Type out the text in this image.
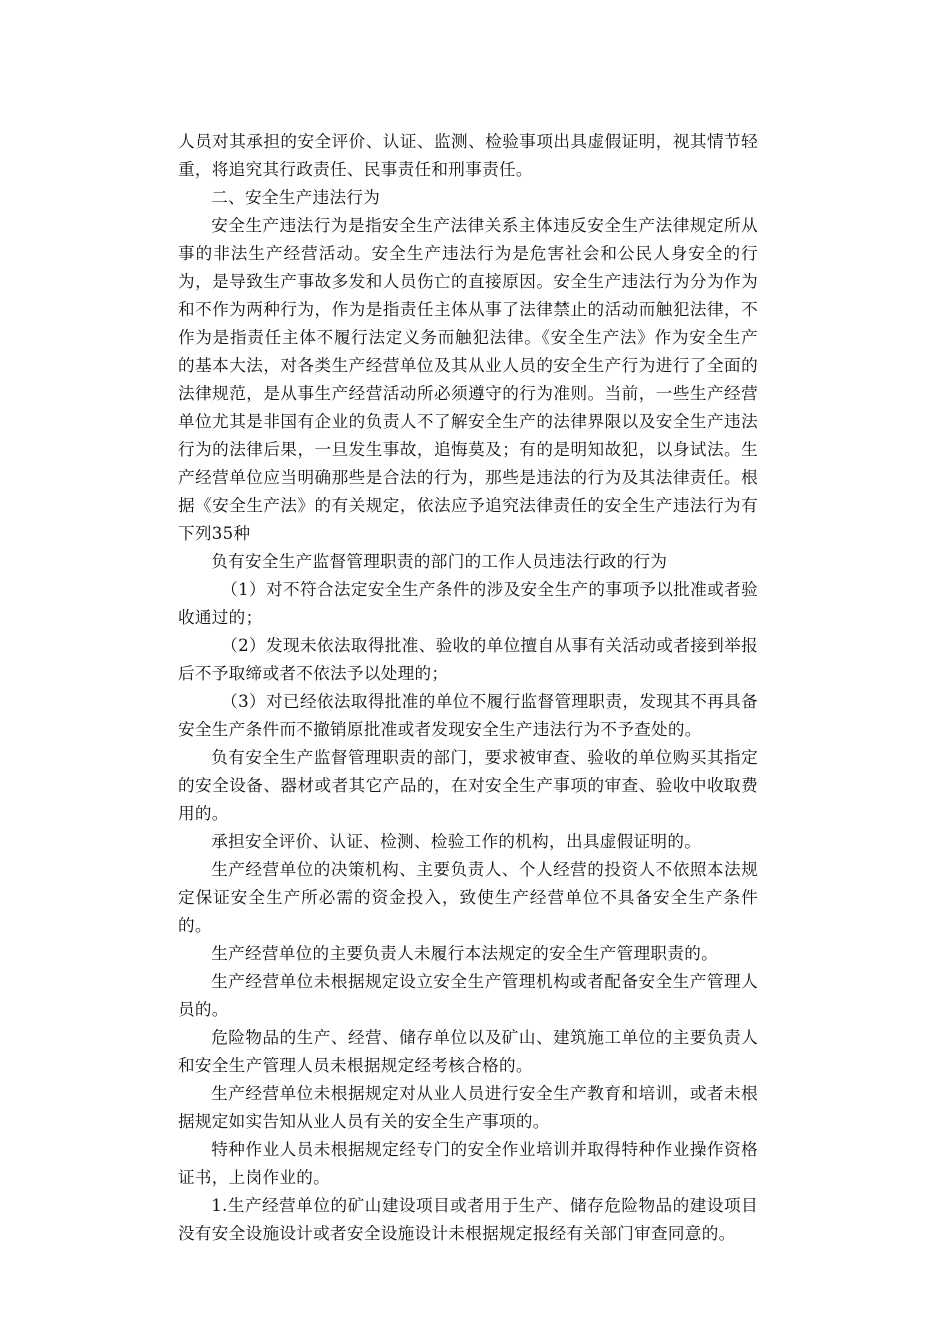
人员对其承担的安全评价、认证、监测、检验事项出具虚假证明，视其情节轻重，将追究其行政责任、民事责任和刑事责任。

二、安全生产违法行为

安全生产违法行为是指安全生产法律关系主体违反安全生产法律规定所从事的非法生产经营活动。安全生产违法行为是危害社会和公民人身安全的行为，是导致生产事故多发和人员伤亡的直接原因。安全生产违法行为分为作为和不作为两种行为，作为是指责任主体从事了法律禁止的活动而触犯法律，不作为是指责任主体不履行法定义务而触犯法律。《安全生产法》作为安全生产的基本大法，对各类生产经营单位及其从业人员的安全生产行为进行了全面的法律规范，是从事生产经营活动所必须遵守的行为准则。当前，一些生产经营单位尤其是非国有企业的负责人不了解安全生产的法律界限以及安全生产违法行为的法律后果，一旦发生事故，追悔莫及；有的是明知故犯，以身试法。生产经营单位应当明确那些是合法的行为，那些是违法的行为及其法律责任。根据《安全生产法》的有关规定，依法应予追究法律责任的安全生产违法行为有下列35种

负有安全生产监督管理职责的部门的工作人员违法行政的行为

（1）对不符合法定安全生产条件的涉及安全生产的事项予以批准或者验收通过的；

（2）发现未依法取得批准、验收的单位擅自从事有关活动或者接到举报后不予取缔或者不依法予以处理的；

（3）对已经依法取得批准的单位不履行监督管理职责，发现其不再具备安全生产条件而不撤销原批准或者发现安全生产违法行为不予查处的。

负有安全生产监督管理职责的部门，要求被审查、验收的单位购买其指定的安全设备、器材或者其它产品的，在对安全生产事项的审查、验收中收取费用的。

承担安全评价、认证、检测、检验工作的机构，出具虚假证明的。

生产经营单位的决策机构、主要负责人、个人经营的投资人不依照本法规定保证安全生产所必需的资金投入，致使生产经营单位不具备安全生产条件的。

生产经营单位的主要负责人未履行本法规定的安全生产管理职责的。

生产经营单位未根据规定设立安全生产管理机构或者配备安全生产管理人员的。

危险物品的生产、经营、储存单位以及矿山、建筑施工单位的主要负责人和安全生产管理人员未根据规定经考核合格的。

生产经营单位未根据规定对从业人员进行安全生产教育和培训，或者未根据规定如实告知从业人员有关的安全生产事项的。

特种作业人员未根据规定经专门的安全作业培训并取得特种作业操作资格证书，上岗作业的。

1.生产经营单位的矿山建设项目或者用于生产、储存危险物品的建设项目没有安全设施设计或者安全设施设计未根据规定报经有关部门审查同意的。
